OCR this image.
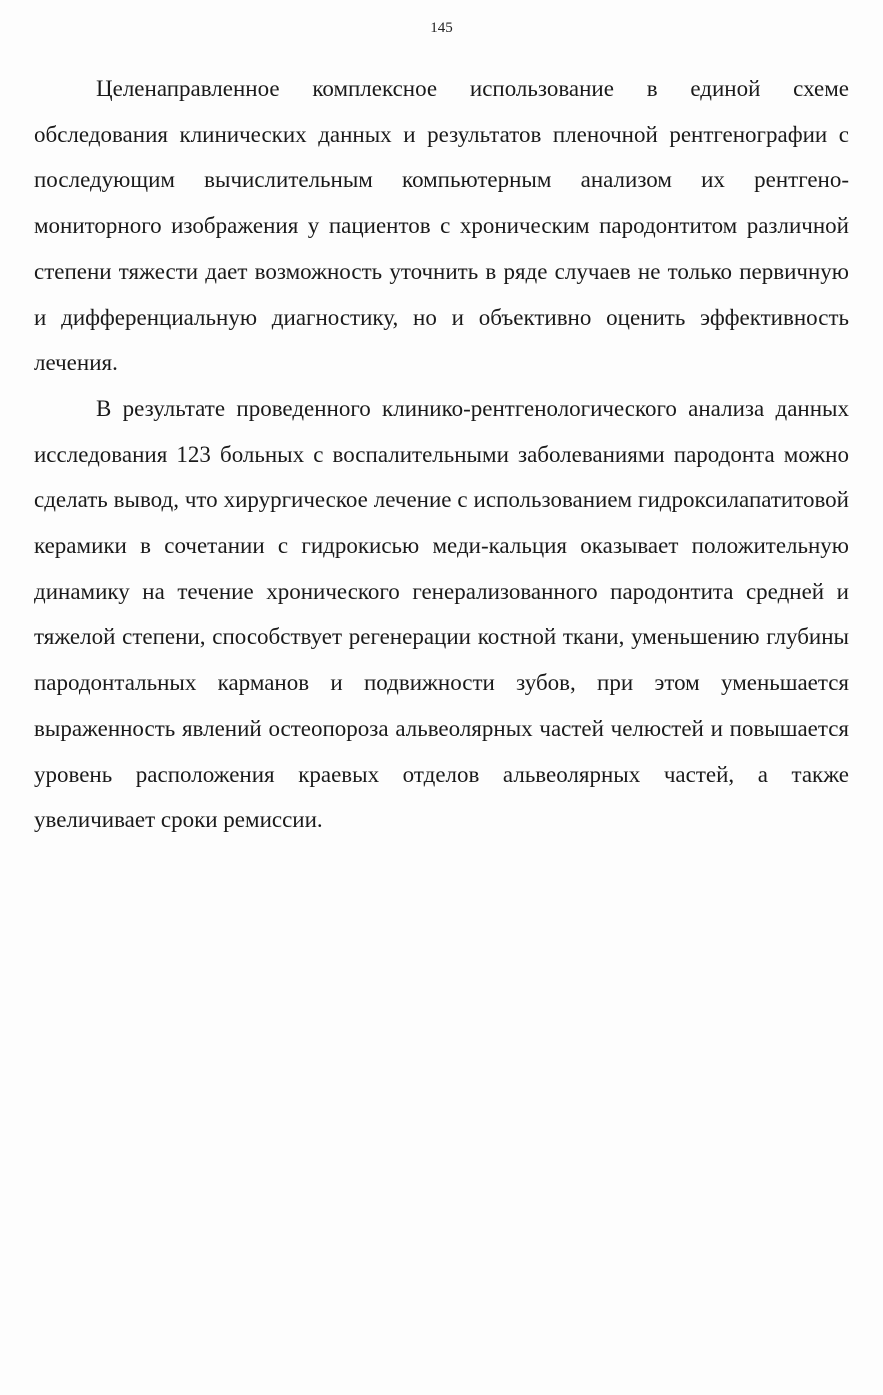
145

Целенаправленное комплексное использование в единой схеме обследования клинических данных и результатов пленочной рентгенографии с последующим вычислительным компьютерным анализом их рентгено-мониторного изображения у пациентов с хроническим пародонтитом различной степени тяжести дает возможность уточнить в ряде случаев не только первичную и дифференциальную диагностику, но и объективно оценить эффективность лечения.

В результате проведенного клинико-рентгенологического анализа данных исследования 123 больных с воспалительными заболеваниями пародонта можно сделать вывод, что хирургическое лечение с использованием гидроксилапатитовой керамики в сочетании с гидрокисью меди-кальция оказывает положительную динамику на течение хронического генерализованного пародонтита средней и тяжелой степени, способствует регенерации костной ткани, уменьшению глубины пародонтальных карманов и подвижности зубов, при этом уменьшается выраженность явлений остеопороза альвеолярных частей челюстей и повышается уровень расположения краевых отделов альвеолярных частей, а также увеличивает сроки ремиссии.
